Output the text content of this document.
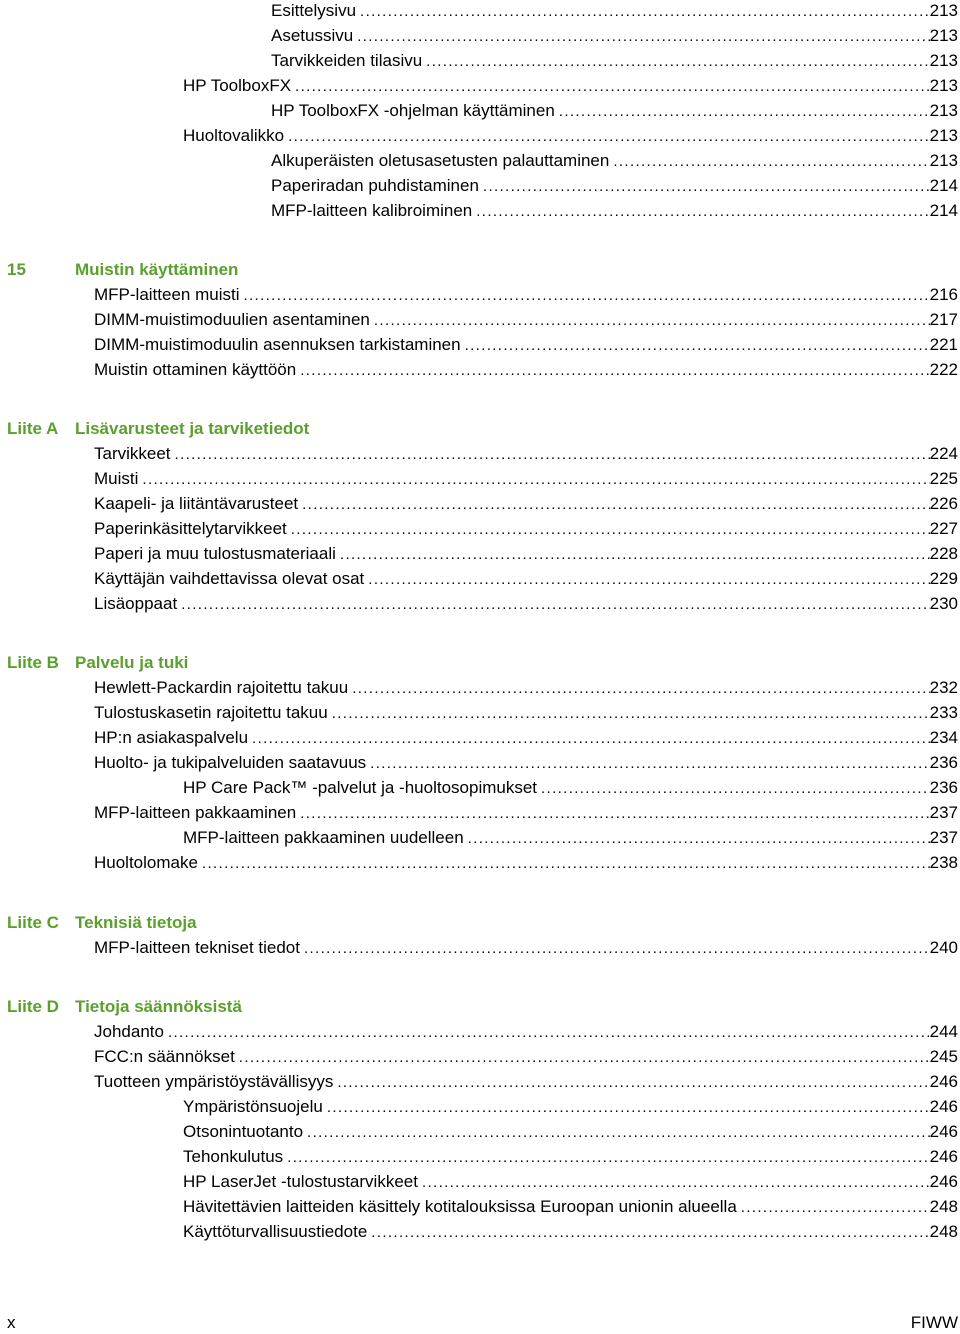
Esittelysivu . . .	213
Asetussivu . . .	213
Tarvikkeiden tilasivu . . .	213
HP ToolboxFX . . .	213
HP ToolboxFX -ohjelman käyttäminen . . .	213
Huoltovalikko . . .	213
Alkuperäisten oletusasetusten palauttaminen . . .	213
Paperiradan puhdistaminen . . .	214
MFP-laitteen kalibroiminen . . .	214
15	Muistin käyttäminen
MFP-laitteen muisti . . .	216
DIMM-muistimoduulien asentaminen . . .	217
DIMM-muistimoduulin asennuksen tarkistaminen . . .	221
Muistin ottaminen käyttöön . . .	222
Liite A Lisävarusteet ja tarviketiedot
Tarvikkeet . . .	224
Muisti . . .	225
Kaapeli- ja liitäntävarusteet . . .	226
Paperinkäsittelytarvikkeet . . .	227
Paperi ja muu tulostusmateriaali . . .	228
Käyttäjän vaihdettavissa olevat osat . . .	229
Lisäoppaat . . .	230
Liite B Palvelu ja tuki
Hewlett-Packardin rajoitettu takuu . . .	232
Tulostuskasetin rajoitettu takuu . . .	233
HP:n asiakaspalvelu . . .	234
Huolto- ja tukipalveluiden saatavuus . . .	236
HP Care Pack™ -palvelut ja -huoltosopimukset . . .	236
MFP-laitteen pakkaaminen . . .	237
MFP-laitteen pakkaaminen uudelleen . . .	237
Huoltolomake . . .	238
Liite C Teknisiä tietoja
MFP-laitteen tekniset tiedot . . .	240
Liite D Tietoja säännöksistä
Johdanto . . .	244
FCC:n säännökset . . .	245
Tuotteen ympäristöystävällisyys . . .	246
Ympäristönsuojelu . . .	246
Otsonintuotanto . . .	246
Tehonkulutus . . .	246
HP LaserJet -tulostustarvikkeet . . .	246
Hävitettävien laitteiden käsittely kotitalouksissa Euroopan unionin alueella . . .	248
Käyttöturvallisuustiedote . . .	248
x	FIWW
